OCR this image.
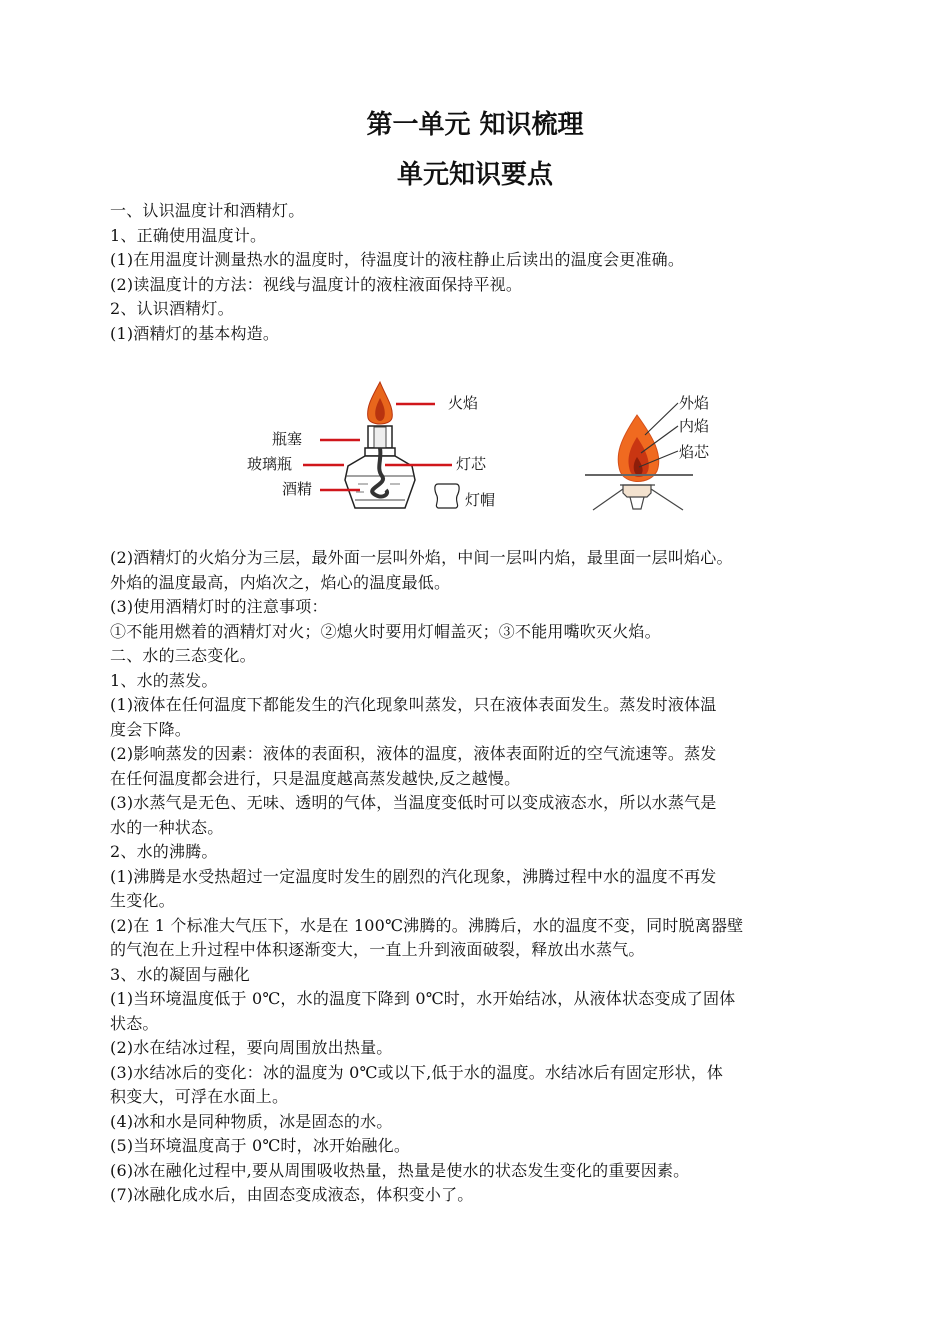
第一单元 知识梳理
单元知识要点
一、认识温度计和酒精灯。
1、正确使用温度计。
(1)在用温度计测量热水的温度时，待温度计的液柱静止后读出的温度会更准确。
(2)读温度计的方法：视线与温度计的液柱液面保持平视。
2、认识酒精灯。
(1)酒精灯的基本构造。
火焰
瓶塞
玻璃瓶
酒精
灯芯
灯帽
外焰
内焰
焰芯
(2)酒精灯的火焰分为三层，最外面一层叫外焰，中间一层叫内焰，最里面一层叫焰心。
外焰的温度最高，内焰次之，焰心的温度最低。
(3)使用酒精灯时的注意事项：
①不能用燃着的酒精灯对火；②熄火时要用灯帽盖灭；③不能用嘴吹灭火焰。
二、水的三态变化。
1、水的蒸发。
(1)液体在任何温度下都能发生的汽化现象叫蒸发，只在液体表面发生。蒸发时液体温
度会下降。
(2)影响蒸发的因素：液体的表面积，液体的温度，液体表面附近的空气流速等。蒸发
在任何温度都会进行，只是温度越高蒸发越快,反之越慢。
(3)水蒸气是无色、无味、透明的气体，当温度变低时可以变成液态水，所以水蒸气是
水的一种状态。
2、水的沸腾。
(1)沸腾是水受热超过一定温度时发生的剧烈的汽化现象，沸腾过程中水的温度不再发
生变化。
(2)在 1 个标准大气压下，水是在 100℃沸腾的。沸腾后，水的温度不变，同时脱离器壁
的气泡在上升过程中体积逐渐变大，一直上升到液面破裂，释放出水蒸气。
3、水的凝固与融化
(1)当环境温度低于 0℃，水的温度下降到 0℃时，水开始结冰，从液体状态变成了固体
状态。
(2)水在结冰过程，要向周围放出热量。
(3)水结冰后的变化：冰的温度为 0℃或以下,低于水的温度。水结冰后有固定形状，体
积变大，可浮在水面上。
(4)冰和水是同种物质，冰是固态的水。
(5)当环境温度高于 0℃时，冰开始融化。
(6)冰在融化过程中,要从周围吸收热量，热量是使水的状态发生变化的重要因素。
(7)冰融化成水后，由固态变成液态，体积变小了。
